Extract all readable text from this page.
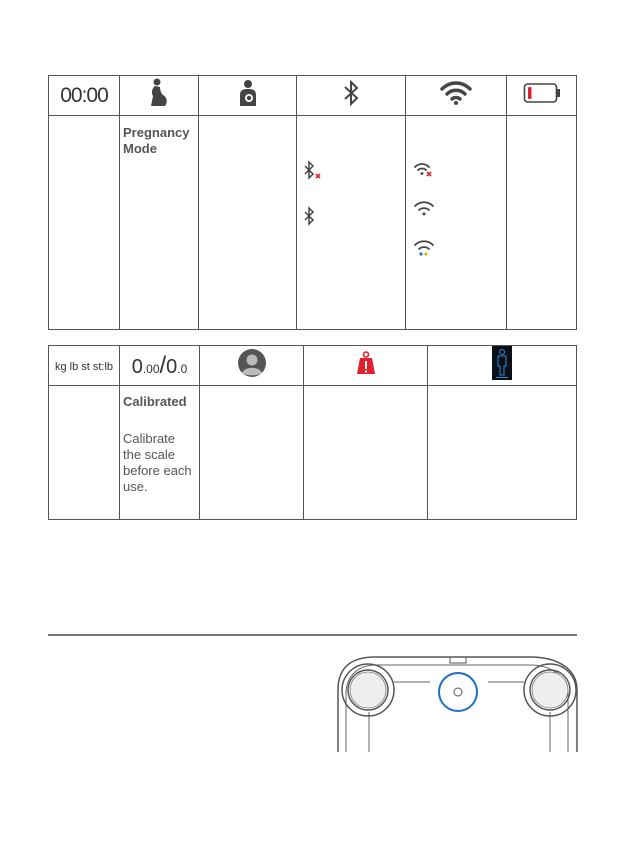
00:00					

	Pregnancy Mode

kg lb st st:lb	0.00/0.0			

	Calibrated
Calibrate the scale before each use.			
